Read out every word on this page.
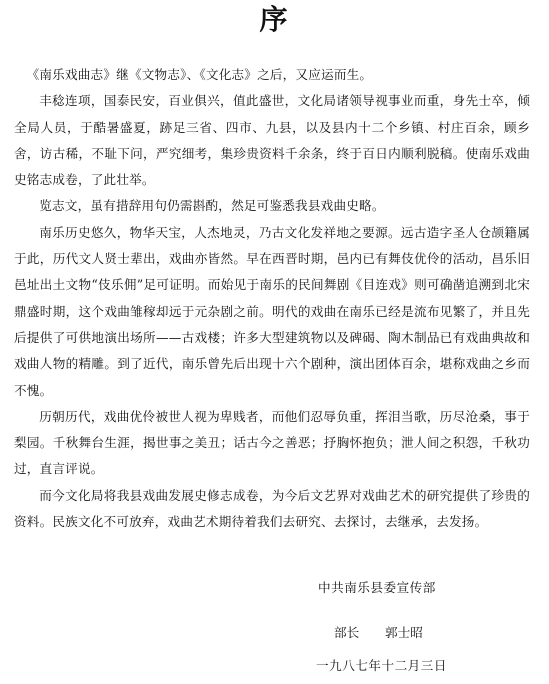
序

《南乐戏曲志》继《文物志》、《文化志》之后，又应运而生。

丰稔连项，国泰民安，百业俱兴，值此盛世，文化局诸领导视事业而重，身先士卒，倾全局人员，于酷暑盛夏，跡足三省、四市、九县，以及县内十二个乡镇、村庄百余，顾乡舍，访古稀，不耻下问，严究细考，集珍贵资料千余条，终于百日内顺利脱稿。使南乐戏曲史铭志成卷，了此壮举。

览志文，虽有措辞用句仍需斟酌，然足可鉴悉我县戏曲史略。

南乐历史悠久，物华天宝，人杰地灵，乃古文化发祥地之要源。远古造字圣人仓颉籍属于此，历代文人贤士辈出，戏曲亦皆然。早在西晋时期，邑内已有舞伎优伶的活动，昌乐旧邑址出土文物“伎乐佣”足可证明。而始见于南乐的民间舞剧《目连戏》则可确凿追溯到北宋鼎盛时期，这个戏曲雏稼却远于元杂剧之前。明代的戏曲在南乐已经是流布见繁了，并且先后提供了可供地演出场所——古戏楼；许多大型建筑物以及碑碣、陶木制品已有戏曲典故和戏曲人物的精雕。到了近代，南乐曾先后出现十六个剧种，演出团体百余，堪称戏曲之乡而不愧。

历朝历代，戏曲优伶被世人视为卑贱者，而他们忍辱负重，挥泪当歌，历尽沧桑，事于梨园。千秋舞台生涯，揭世事之美丑；话古今之善恶；抒胸怀抱负；泄人间之积怨，千秋功过，直言评说。

而今文化局将我县戏曲发展史修志成卷，为今后文艺界对戏曲艺术的研究提供了珍贵的资料。民族文化不可放弃，戏曲艺术期待着我们去研究、去探讨，去继承，去发扬。

中共南乐县委宣传部
部长 郭士昭
一九八七年十二月三日
